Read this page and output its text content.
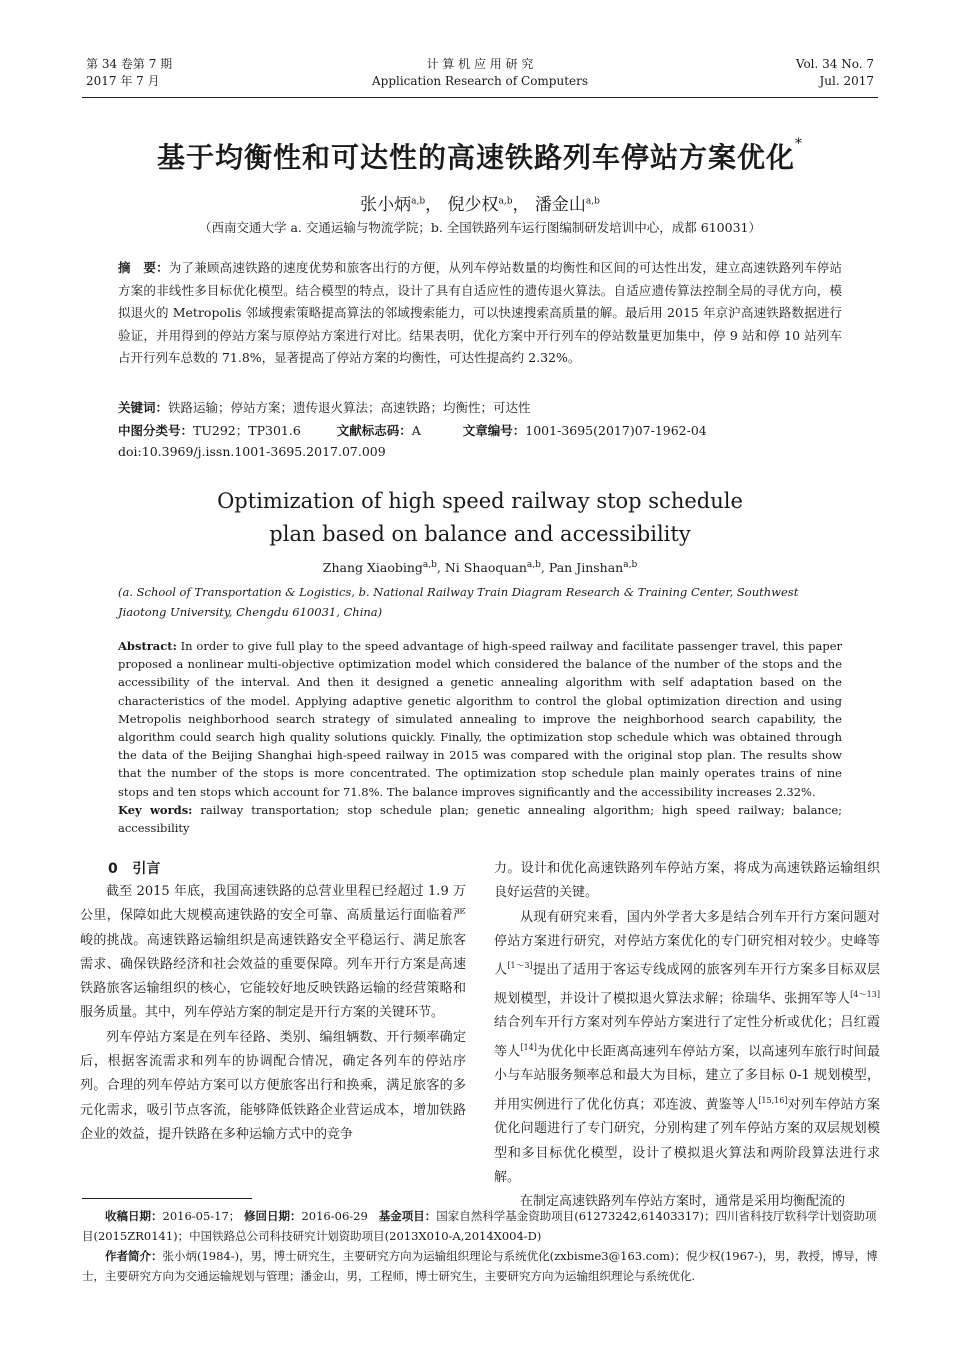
第 34 卷第 7 期
2017 年 7 月
计 算 机 应 用 研 究
Application Research of Computers
Vol. 34 No. 7
Jul. 2017
基于均衡性和可达性的高速铁路列车停站方案优化*
张小炳$^{a,b}$， 倪少权$^{a,b}$， 潘金山$^{a,b}$
（西南交通大学 a. 交通运输与物流学院；b. 全国铁路列车运行图编制研发培训中心，成都 610031）
摘　要：为了兼顾高速铁路的速度优势和旅客出行的方便，从列车停站数量的均衡性和区间的可达性出发，建立高速铁路列车停站方案的非线性多目标优化模型。结合模型的特点，设计了具有自适应性的遗传退火算法。自适应遗传算法控制全局的寻优方向，模拟退火的 Metropolis 邻域搜索策略提高算法的邻域搜索能力，可以快速搜索高质量的解。最后用 2015 年京沪高速铁路数据进行验证，并用得到的停站方案与原停站方案进行对比。结果表明，优化方案中开行列车的停站数量更加集中，停 9 站和停 10 站列车占开行列车总数的 71.8%，显著提高了停站方案的均衡性，可达性提高约 2.32%。
关键词：铁路运输；停站方案；遗传退火算法；高速铁路；均衡性；可达性
中图分类号：TU292；TP301.6	文献标志码：A	文章编号：1001-3695(2017)07-1962-04
doi:10.3969/j.issn.1001-3695.2017.07.009
Optimization of high speed railway stop schedule
plan based on balance and accessibility
Zhang Xiaobing$^{a,b}$, Ni Shaoquan$^{a,b}$, Pan Jinshan$^{a,b}$
(a. School of Transportation & Logistics, b. National Railway Train Diagram Research & Training Center, Southwest Jiaotong University, Chengdu 610031, China)
Abstract: In order to give full play to the speed advantage of high-speed railway and facilitate passenger travel, this paper proposed a nonlinear multi-objective optimization model which considered the balance of the number of the stops and the accessibility of the interval. And then it designed a genetic annealing algorithm with self adaptation based on the characteristics of the model. Applying adaptive genetic algorithm to control the global optimization direction and using Metropolis neighborhood search strategy of simulated annealing to improve the neighborhood search capability, the algorithm could search high quality solutions quickly. Finally, the optimization stop schedule which was obtained through the data of the Beijing Shanghai high-speed railway in 2015 was compared with the original stop plan. The results show that the number of the stops is more concentrated. The optimization stop schedule plan mainly operates trains of nine stops and ten stops which account for 71.8%. The balance improves significantly and the accessibility increases 2.32%.
Key words: railway transportation; stop schedule plan; genetic annealing algorithm; high speed railway; balance; accessibility

0 引言

截至 2015 年底，我国高速铁路的总营业里程已经超过 1.9 万公里，保障如此大规模高速铁路的安全可靠、高质量运行面临着严峻的挑战。高速铁路运输组织是高速铁路安全平稳运行、满足旅客需求、确保铁路经济和社会效益的重要保障。列车开行方案是高速铁路旅客运输组织的核心，它能较好地反映铁路运输的经营策略和服务质量。其中，列车停站方案的制定是开行方案的关键环节。

列车停站方案是在列车径路、类别、编组辆数、开行频率确定后，根据客流需求和列车的协调配合情况，确定各列车的停站序列。合理的列车停站方案可以方便旅客出行和换乘，满足旅客的多元化需求，吸引节点客流，能够降低铁路企业营运成本，增加铁路企业的效益，提升铁路在多种运输方式中的竞争

力。设计和优化高速铁路列车停站方案，将成为高速铁路运输组织良好运营的关键。

从现有研究来看，国内外学者大多是结合列车开行方案问题对停站方案进行研究，对停站方案优化的专门研究相对较少。史峰等人[1～3]提出了适用于客运专线成网的旅客列车开行方案多目标双层规划模型，并设计了模拟退火算法求解；徐瑞华、张拥军等人[4～13]结合列车开行方案对列车停站方案进行了定性分析或优化；吕红霞等人[14]为优化中长距离高速列车停站方案，以高速列车旅行时间最小与车站服务频率总和最大为目标，建立了多目标 0-1 规划模型，并用实例进行了优化仿真；邓连波、黄鉴等人[15,16]对列车停站方案优化问题进行了专门研究，分别构建了列车停站方案的双层规划模型和多目标优化模型，设计了模拟退火算法和两阶段算法进行求解。

在制定高速铁路列车停站方案时，通常是采用均衡配流的

收稿日期：2016-05-17； 修回日期：2016-06-29 基金项目：国家自然科学基金资助项目(61273242,61403317)；四川省科技厅软科学计划资助项目(2015ZR0141)；中国铁路总公司科技研究计划资助项目(2013X010-A,2014X004-D)

作者简介：张小炳(1984-)，男，博士研究生，主要研究方向为运输组织理论与系统优化(zxbisme3@163.com)；倪少权(1967-)，男，教授，博导，博士，主要研究方向为交通运输规划与管理；潘金山，男，工程师，博士研究生，主要研究方向为运输组织理论与系统优化.
